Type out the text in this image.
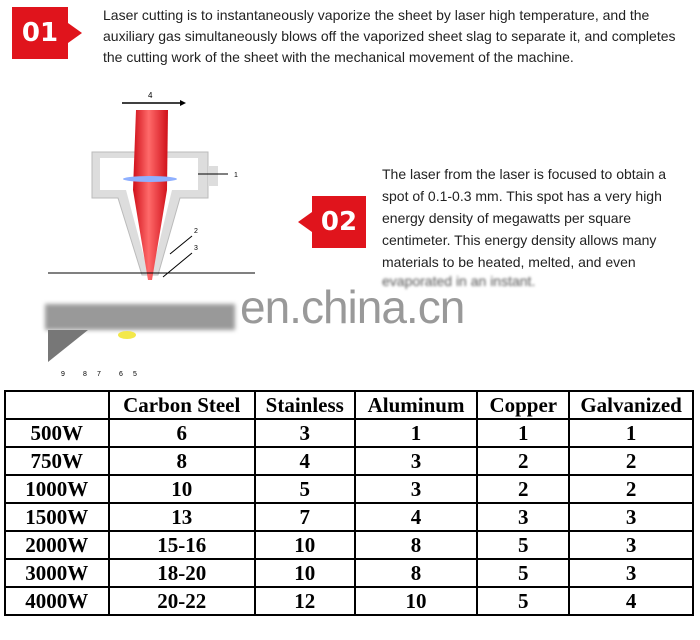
01
Laser cutting is to instantaneously vaporize the sheet by laser high temperature, and the auxiliary gas simultaneously blows off the vaporized sheet slag to separate it, and completes the cutting work of the sheet with the mechanical movement of the machine.
4
1
2
3
9	8 7	6 5
02
The laser from the laser is focused to obtain a spot of 0.1-0.3 mm. This spot has a very high energy density of megawatts per square centimeter. This energy density allows many materials to be heated, melted, and even
evaporated in an instant.
en.china.cn
	Carbon Steel	Stainless	Aluminum	Copper	Galvanized
500W	6	3	1	1	1
750W	8	4	3	2	2
1000W	10	5	3	2	2
1500W	13	7	4	3	3
2000W	15-16	10	8	5	3
3000W	18-20	10	8	5	3
4000W	20-22	12	10	5	4
